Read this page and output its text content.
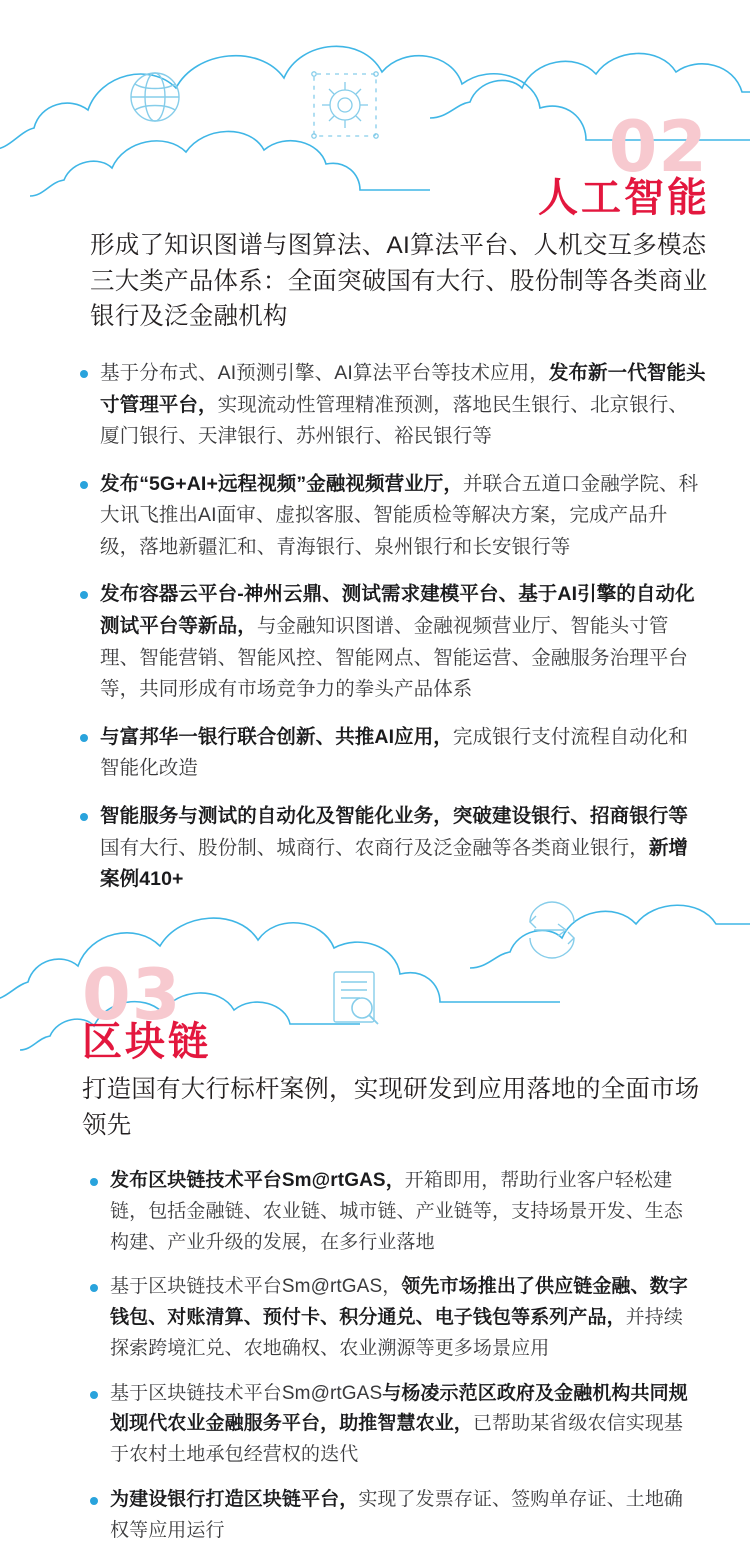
02
人工智能
形成了知识图谱与图算法、AI算法平台、人机交互多模态三大类产品体系：全面突破国有大行、股份制等各类商业银行及泛金融机构
基于分布式、AI预测引擎、AI算法平台等技术应用，发布新一代智能头寸管理平台，实现流动性管理精准预测，落地民生银行、北京银行、厦门银行、天津银行、苏州银行、裕民银行等
发布“5G+AI+远程视频”金融视频营业厅，并联合五道口金融学院、科大讯飞推出AI面审、虚拟客服、智能质检等解决方案，完成产品升级，落地新疆汇和、青海银行、泉州银行和长安银行等
发布容器云平台-神州云鼎、测试需求建模平台、基于AI引擎的自动化测试平台等新品，与金融知识图谱、金融视频营业厅、智能头寸管理、智能营销、智能风控、智能网点、智能运营、金融服务治理平台等，共同形成有市场竞争力的拳头产品体系
与富邦华一银行联合创新、共推AI应用，完成银行支付流程自动化和智能化改造
智能服务与测试的自动化及智能化业务，突破建设银行、招商银行等国有大行、股份制、城商行、农商行及泛金融等各类商业银行，新增案例410+
03
区块链
打造国有大行标杆案例，实现研发到应用落地的全面市场领先
发布区块链技术平台Sm@rtGAS，开箱即用，帮助行业客户轻松建链，包括金融链、农业链、城市链、产业链等，支持场景开发、生态构建、产业升级的发展，在多行业落地
基于区块链技术平台Sm@rtGAS，领先市场推出了供应链金融、数字钱包、对账清算、预付卡、积分通兑、电子钱包等系列产品，并持续探索跨境汇兑、农地确权、农业溯源等更多场景应用
基于区块链技术平台Sm@rtGAS与杨凌示范区政府及金融机构共同规划现代农业金融服务平台，助推智慧农业，已帮助某省级农信实现基于农村土地承包经营权的迭代
为建设银行打造区块链平台，实现了发票存证、签购单存证、土地确权等应用运行
